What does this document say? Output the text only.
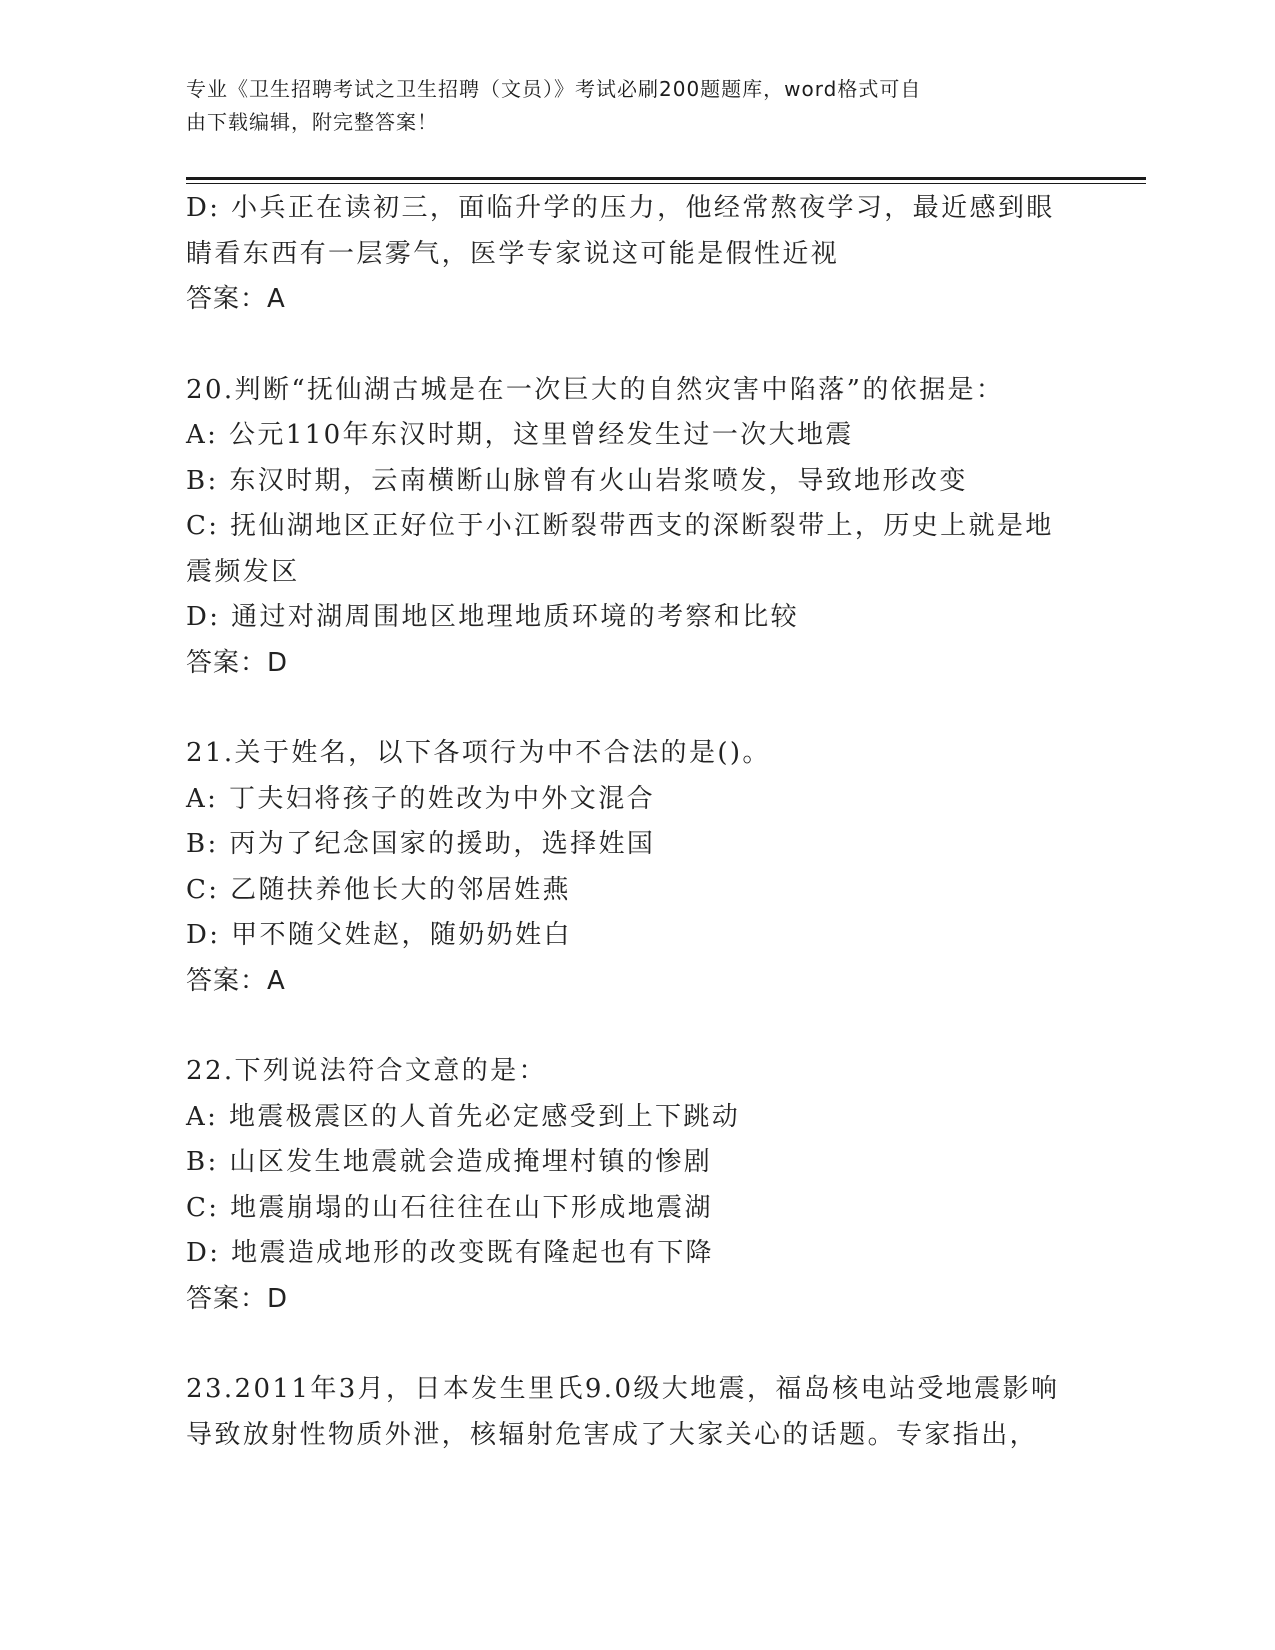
专业《卫生招聘考试之卫生招聘（文员）》考试必刷200题题库，word格式可自
由下载编辑，附完整答案！
D: 小兵正在读初三，面临升学的压力，他经常熬夜学习，最近感到眼
睛看东西有一层雾气，医学专家说这可能是假性近视
答案：A
20.判断“抚仙湖古城是在一次巨大的自然灾害中陷落”的依据是：
A: 公元110年东汉时期，这里曾经发生过一次大地震
B: 东汉时期，云南横断山脉曾有火山岩浆喷发，导致地形改变
C: 抚仙湖地区正好位于小江断裂带西支的深断裂带上，历史上就是地
震频发区
D: 通过对湖周围地区地理地质环境的考察和比较
答案：D
21.关于姓名，以下各项行为中不合法的是()。
A: 丁夫妇将孩子的姓改为中外文混合
B: 丙为了纪念国家的援助，选择姓国
C: 乙随扶养他长大的邻居姓燕
D: 甲不随父姓赵，随奶奶姓白
答案：A
22.下列说法符合文意的是：
A: 地震极震区的人首先必定感受到上下跳动
B: 山区发生地震就会造成掩埋村镇的惨剧
C: 地震崩塌的山石往往在山下形成地震湖
D: 地震造成地形的改变既有隆起也有下降
答案：D
23.2011年3月，日本发生里氏9.0级大地震，福岛核电站受地震影响
导致放射性物质外泄，核辐射危害成了大家关心的话题。专家指出，
